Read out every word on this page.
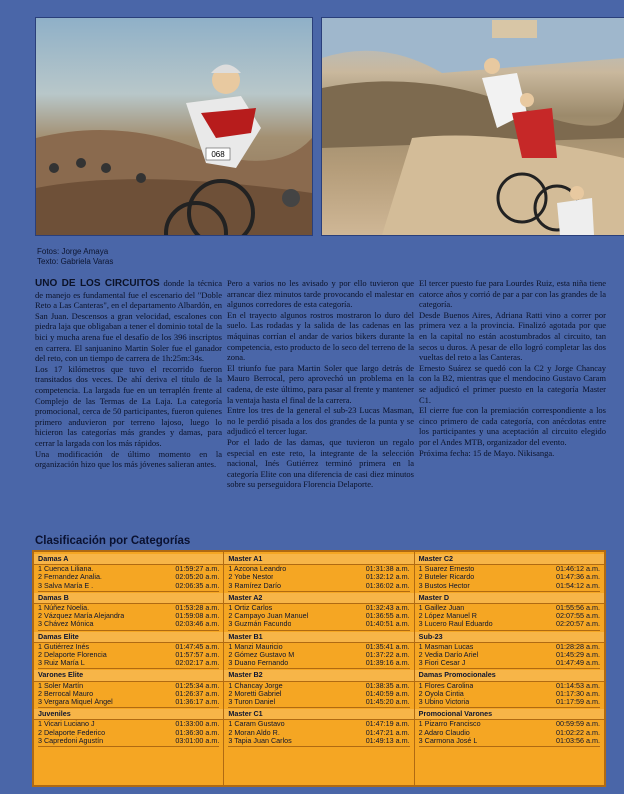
068
Fotos: Jorge Amaya
Texto: Gabriela Varas

UNO DE LOS CIRCUITOS donde la técnica de manejo es fundamental fue el escenario del "Doble Reto a Las Canteras", en el departamento Albardón, en San Juan. Descensos a gran velocidad, escalones con piedra laja que obligaban a tener el dominio total de la bici y mucha arena fue el desafío de los 396 inscriptos en carrera. El sanjuanino Martin Soler fue el ganador del reto, con un tiempo de carrera de 1h:25m:34s.

Los 17 kilómetros que tuvo el recorrido fueron transitados dos veces. De ahí deriva el título de la competencia. La largada fue en un terraplén frente al Complejo de las Termas de La Laja. La categoría promocional, cerca de 50 participantes, fueron quienes primero anduvieron por terreno lajoso, luego lo hicieron las categorías más grandes y damas, para cerrar la largada con los más rápidos.

Una modificación de último momento en la organización hizo que los más jóvenes salieran antes.

Pero a varios no les avisado y por ello tuvieron que arrancar diez minutos tarde provocando el malestar en algunos corredores de esta categoría.

En el trayecto algunos rostros mostraron lo duro del suelo. Las rodadas y la salida de las cadenas en las máquinas corrían el andar de varios bikers durante la competencia, esto producto de lo seco del terreno de la zona.

El triunfo fue para Martin Soler que largo detrás de Mauro Berrocal, pero aprovechó un problema en la cadena, de este último, para pasar al frente y mantener la ventaja hasta el final de la carrera.

Entre los tres de la general el sub-23 Lucas Masman, no le perdió pisada a los dos grandes de la punta y se adjudicó el tercer lugar.

Por el lado de las damas, que tuvieron un regalo especial en este reto, la integrante de la selección nacional, Inés Gutiérrez terminó primera en la categoría Elite con una diferencia de casi diez minutos sobre su perseguidora Florencia Delaporte.

El tercer puesto fue para Lourdes Ruiz, esta niña tiene catorce años y corrió de par a par con las grandes de la categoría.

Desde Buenos Aires, Adriana Ratti vino a correr por primera vez a la provincia. Finalizó agotada por que en la capital no están acostumbrados al circuito, tan secos u duros. A pesar de ello logró completar las dos vueltas del reto a las Canteras.

Ernesto Suárez se quedó con la C2 y Jorge Chancay con la B2, mientras que el mendocino Gustavo Caram se adjudicó el primer puesto en la categoría Master C1.

El cierre fue con la premiación correspondiente a los cinco primero de cada categoría, con anécdotas entre los participantes y una aceptación al circuito elegido por el Andes MTB, organizador del evento.

Próxima fecha: 15 de Mayo. Nikisanga.

Clasificación por Categorías
Damas A
1 Cuenca Liliana.	01:59:27 a.m.
2 Fernandez Analia.	02:05:20 a.m.
3 Salva María E .	02:06:35 a.m.
Damas B
1 Núñez Noelia.	01:53:28 a.m.
2 Vázquez María Alejandra	01:59:08 a.m.
3 Chávez Mónica	02:03:46 a.m.
Damas Elite
1 Gutiérrez Inés	01:47:45 a.m.
2 Delaporte Florencia	01:57:57 a.m.
3 Ruiz María L	02:02:17 a.m.
Varones Elite
1 Soler Martín	01:25:34 a.m.
2 Berrocal Mauro	01:26:37 a.m.
3 Vergara Miquel Ángel	01:36:17 a.m.
Juveniles
1 Vicari Luciano J	01:33:00 a.m.
2 Delaporte Federico	01:36:30 a.m.
3 Capredoni Agustín	03:01:00 a.m.
Master A1
1 Azcona Leandro	01:31:38 a.m.
2 Yobe Nestor	01:32:12 a.m.
3 Ramírez Darío	01:36:02 a.m.
Master A2
1 Ortiz Carlos	01:32:43 a.m.
2 Campayo Juan Manuel	01:36:55 a.m.
3 Guzmán Facundo	01:40:51 a.m.
Master B1
1 Manzi Mauricio	01:35:41 a.m.
2 Gómez Gustavo M	01:37:22 a.m.
3 Duano Fernando	01:39:16 a.m.
Master B2
1 Chancay Jorge	01:38:35 a.m.
2 Moretti Gabriel	01:40:59 a.m.
3 Turon Daniel	01:45:20 a.m.
Master C1
1 Caram Gustavo	01:47:19 a.m.
2 Moran Aldo R.	01:47:21 a.m.
3 Tapia Juan Carlos	01:49:13 a.m.
Master C2
1 Suarez Ernesto	01:46:12 a.m.
2 Buteler Ricardo	01:47:36 a.m.
3 Bustos Hector	01:54:12 a.m.
Master D
1 Gaillez Juan	01:55:56 a.m.
2 López Manuel R	02:07:55 a.m.
3 Lucero Raul Eduardo	02:20:57 a.m.
Sub-23
1 Masman Lucas	01:28:28 a.m.
2 Vedia Darío Ariel	01:45:29 a.m.
3 Fiori Cesar J	01:47:49 a.m.
Damas Promocionales
1 Flores Carolina	01:14:53 a.m.
2 Oyola Cintia	01:17:30 a.m.
3 Ubino Victoria	01:17:59 a.m.
Promocional Varones
1 Pizarro Francisco	00:59:59 a.m.
2 Adaro Claudio	01:02:22 a.m.
3 Carmona José L	01:03:56 a.m.
